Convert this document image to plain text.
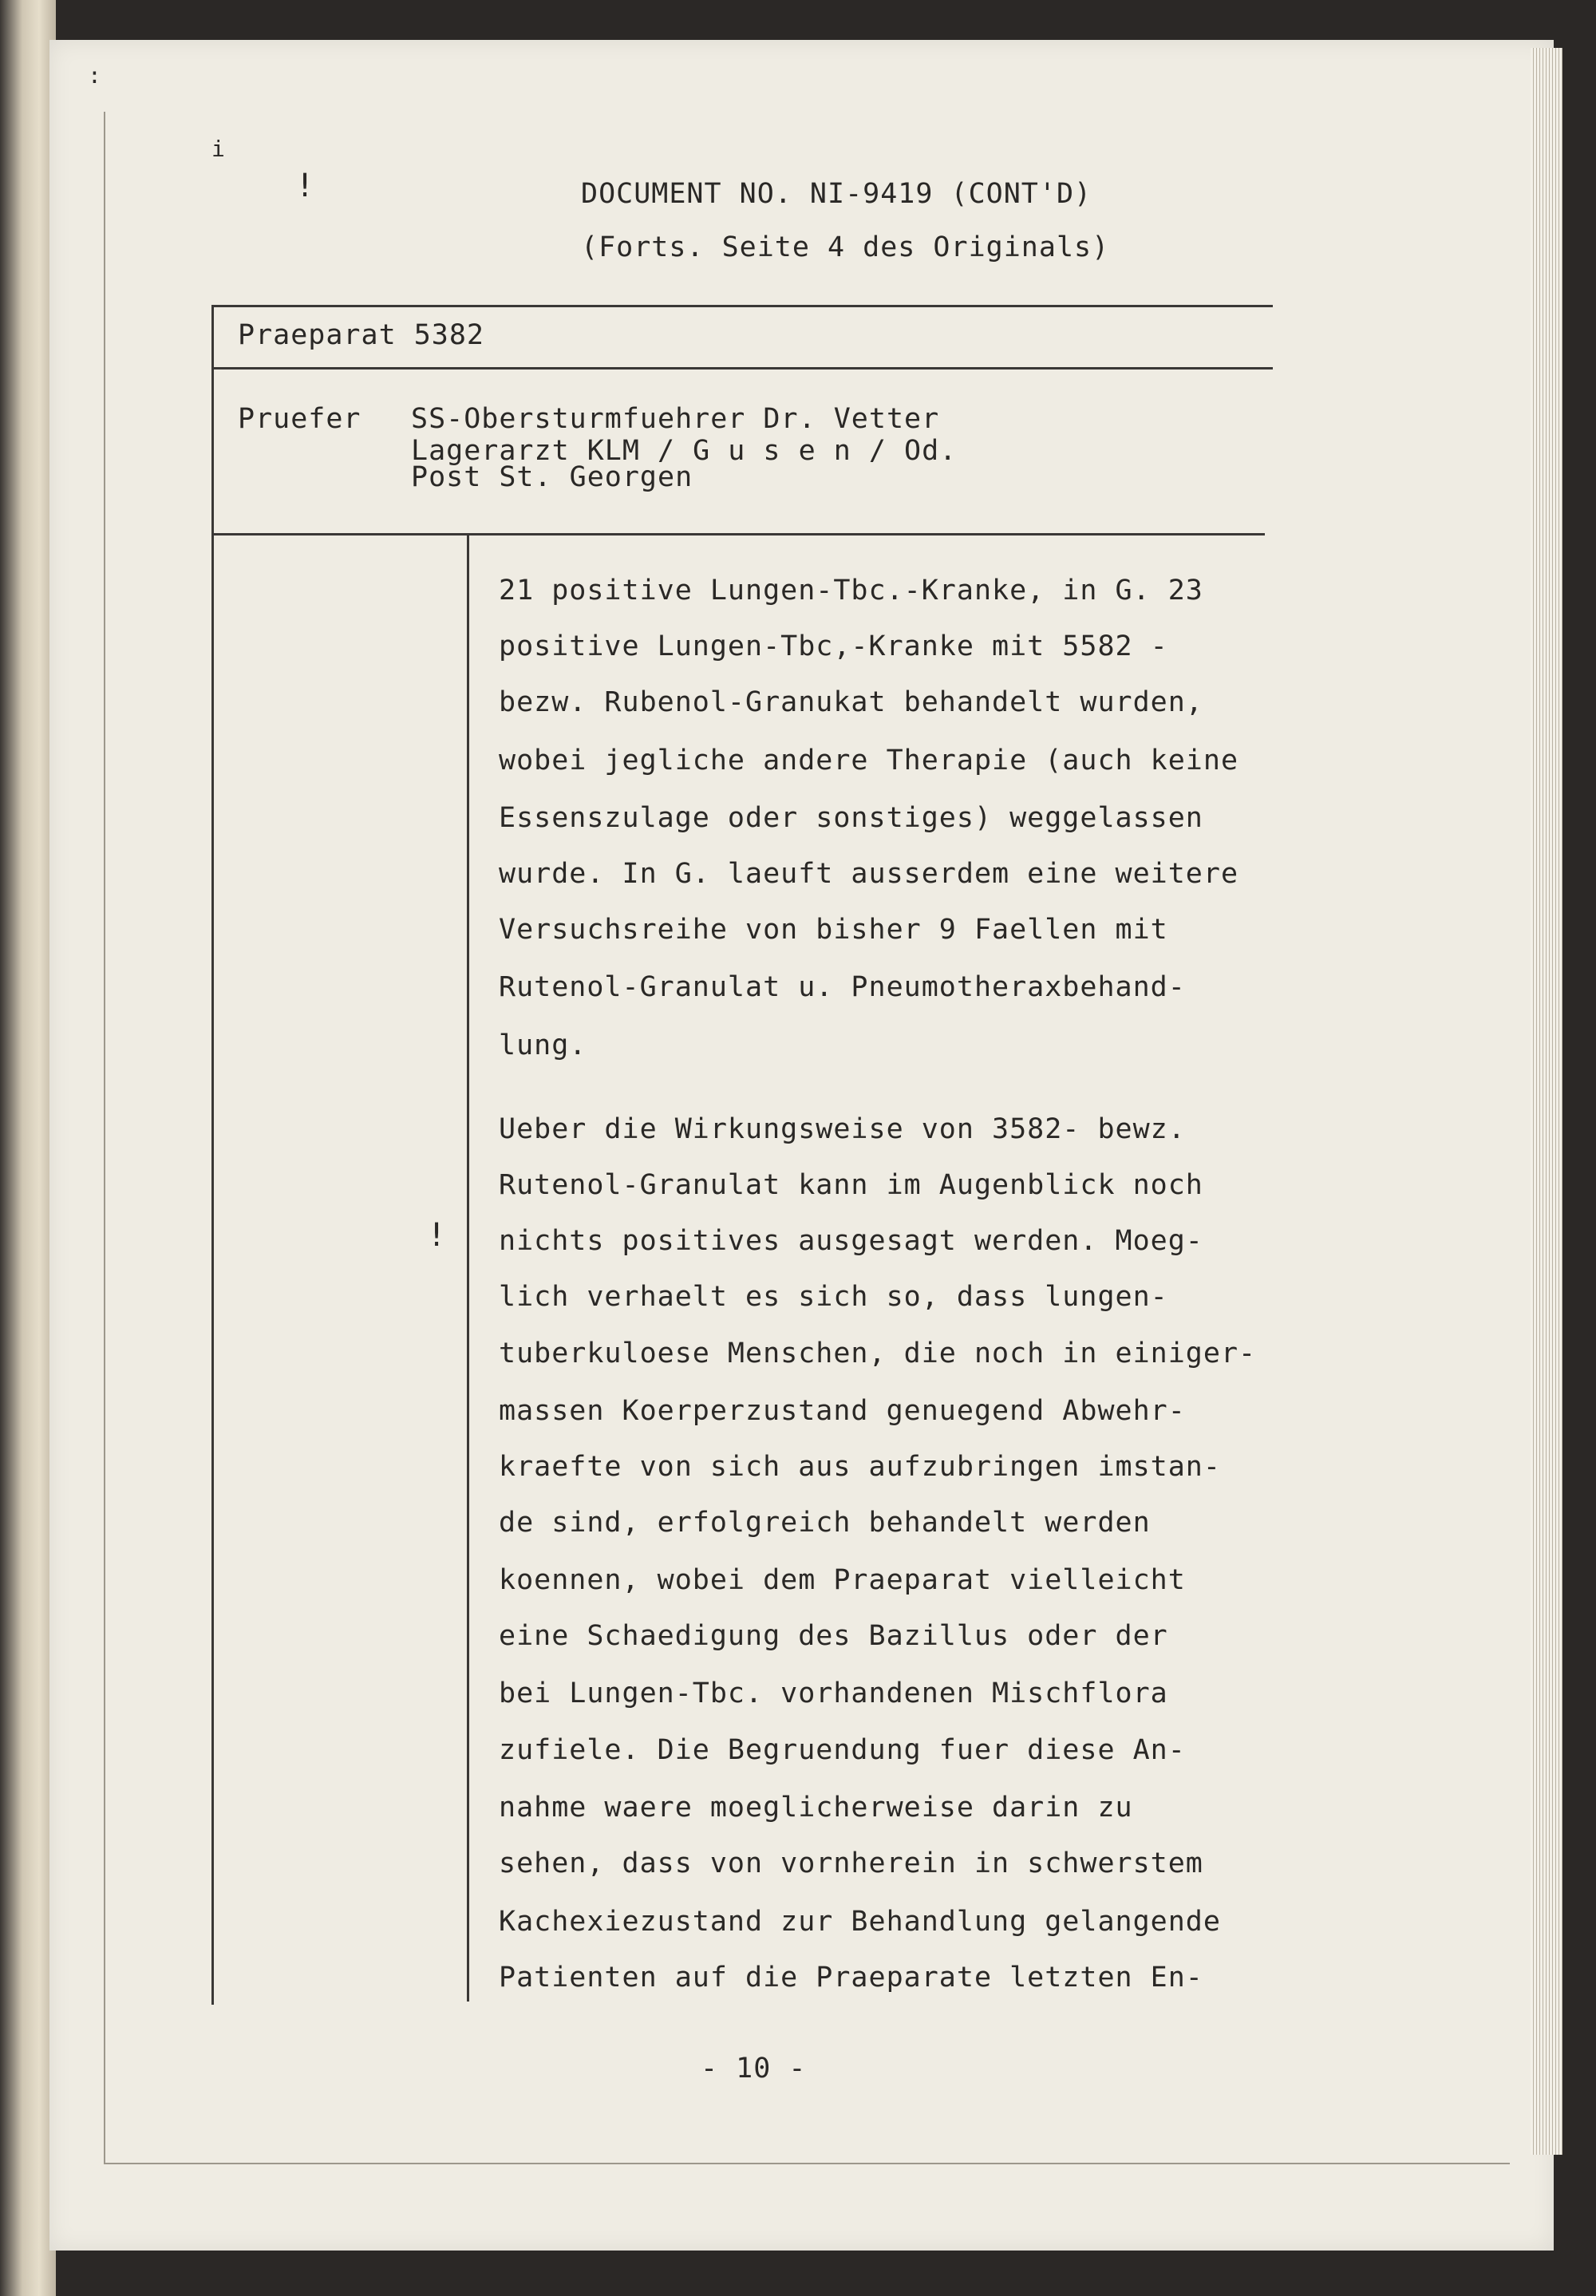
DOCUMENT NO. NI-9419 (CONT'D)
(Forts. Seite 4 des Originals)
Praeparat 5382
Pruefer SS-Obersturmfuehrer Dr. Vetter
Lagerarzt KLM / G u s e n / Od.
Post St. Georgen
21 positive Lungen-Tbc.-Kranke, in G. 23
positive Lungen-Tbc,-Kranke mit 5582 -
bezw. Rubenol-Granukat behandelt wurden,
wobei jegliche andere Therapie (auch keine
Essenszulage oder sonstiges) weggelassen
wurde. In G. laeuft ausserdem eine weitere
Versuchsreihe von bisher 9 Faellen mit
Rutenol-Granulat u. Pneumotheraxbehand-
lung.
Ueber die Wirkungsweise von 3582- bewz.
Rutenol-Granulat kann im Augenblick noch
nichts positives ausgesagt werden. Moeg-
lich verhaelt es sich so, dass lungen-
tuberkuloese Menschen, die noch in einiger-
massen Koerperzustand genuegend Abwehr-
kraefte von sich aus aufzubringen imstan-
de sind, erfolgreich behandelt werden
koennen, wobei dem Praeparat vielleicht
eine Schaedigung des Bazillus oder der
bei Lungen-Tbc. vorhandenen Mischflora
zufiele. Die Begruendung fuer diese An-
nahme waere moeglicherweise darin zu
sehen, dass von vornherein in schwerstem
Kachexiezustand zur Behandlung gelangende
Patienten auf die Praeparate letzten En-
- 10 -
!
!
:
i
